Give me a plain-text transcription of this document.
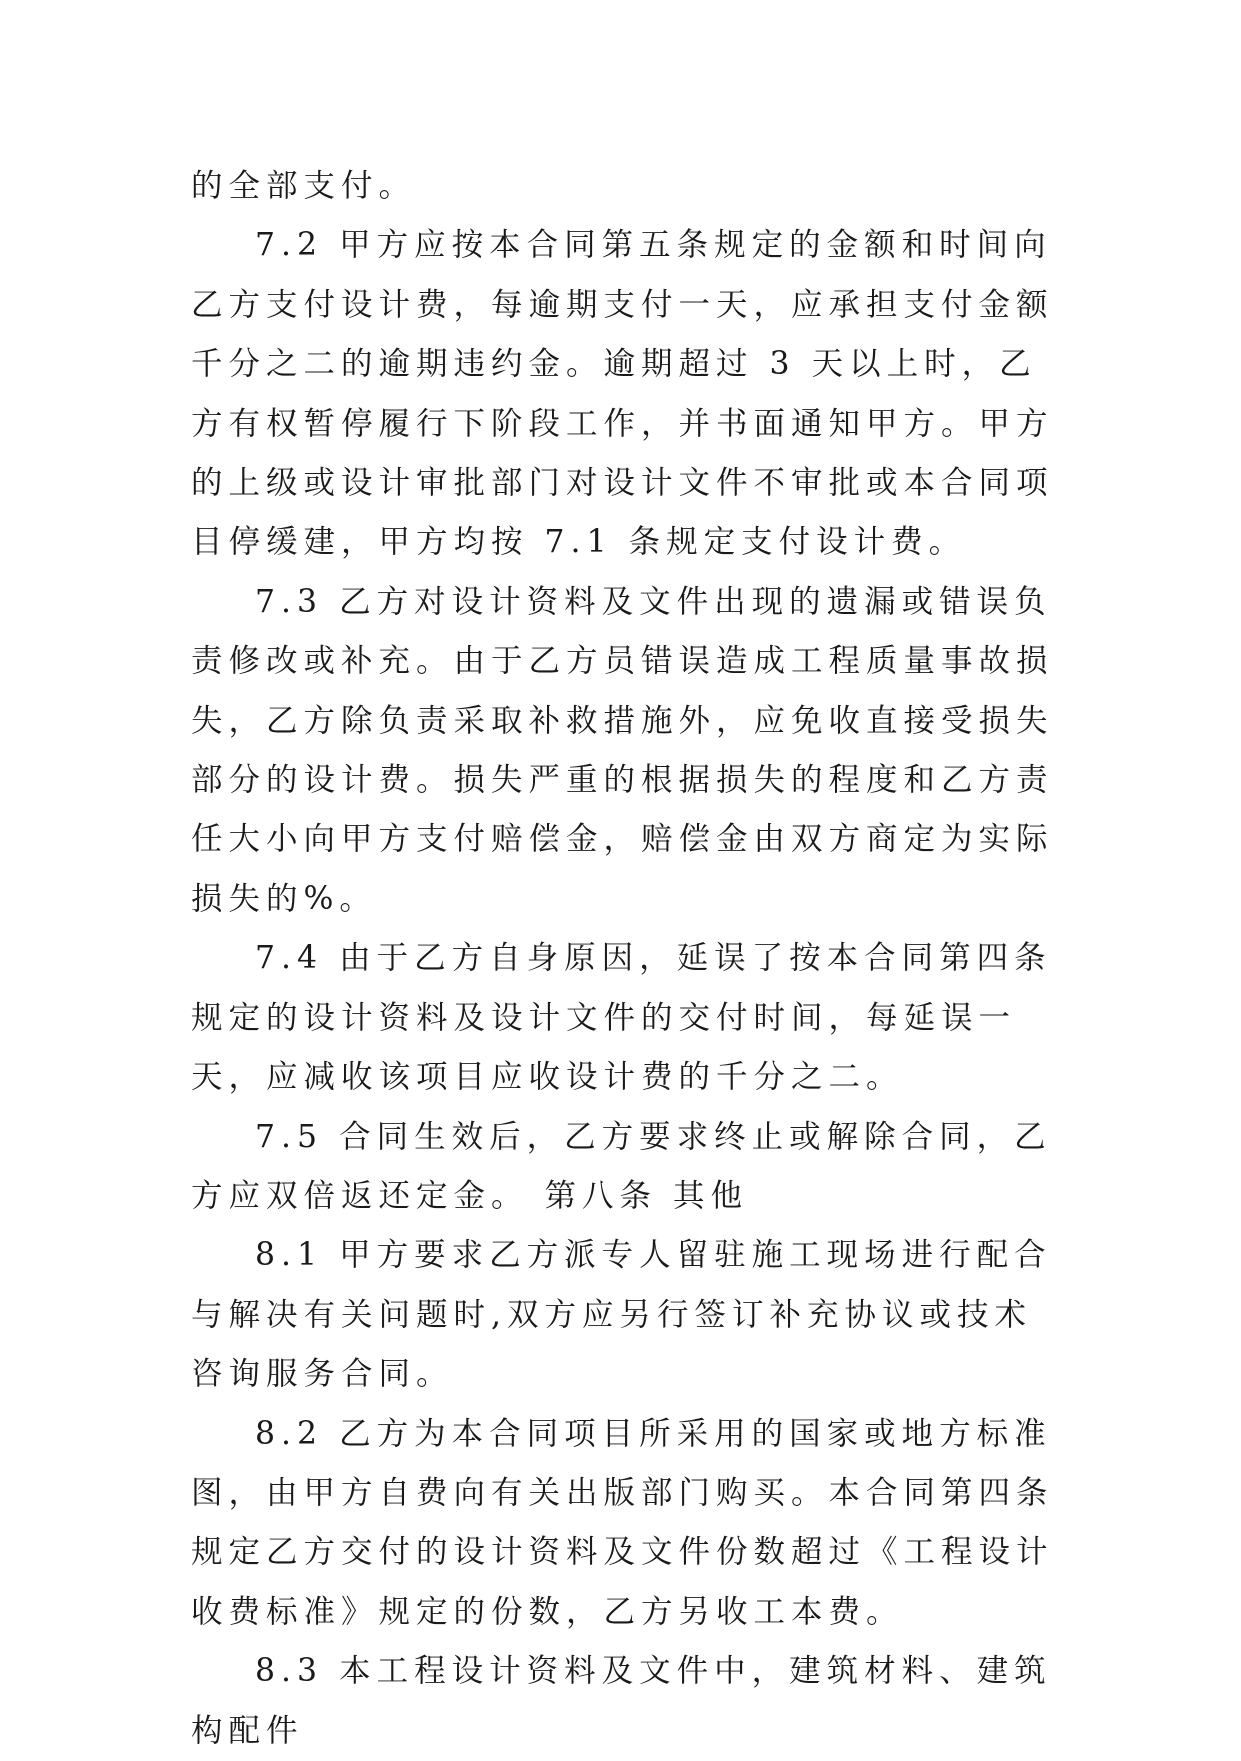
的全部支付。

7.2 甲方应按本合同第五条规定的金额和时间向乙方支付设计费，每逾期支付一天，应承担支付金额千分之二的逾期违约金。逾期超过 3 天以上时，乙方有权暂停履行下阶段工作，并书面通知甲方。甲方的上级或设计审批部门对设计文件不审批或本合同项目停缓建，甲方均按 7.1 条规定支付设计费。

7.3 乙方对设计资料及文件出现的遗漏或错误负责修改或补充。由于乙方员错误造成工程质量事故损失，乙方除负责采取补救措施外，应免收直接受损失部分的设计费。损失严重的根据损失的程度和乙方责任大小向甲方支付赔偿金，赔偿金由双方商定为实际损失的%。

7.4 由于乙方自身原因，延误了按本合同第四条规定的设计资料及设计文件的交付时间，每延误一天，应减收该项目应收设计费的千分之二。

7.5 合同生效后，乙方要求终止或解除合同，乙方应双倍返还定金。 第八条 其他

8.1 甲方要求乙方派专人留驻施工现场进行配合与解决有关问题时,双方应另行签订补充协议或技术咨询服务合同。

8.2 乙方为本合同项目所采用的国家或地方标准图，由甲方自费向有关出版部门购买。本合同第四条规定乙方交付的设计资料及文件份数超过《工程设计收费标准》规定的份数，乙方另收工本费。

8.3 本工程设计资料及文件中，建筑材料、建筑构配件
